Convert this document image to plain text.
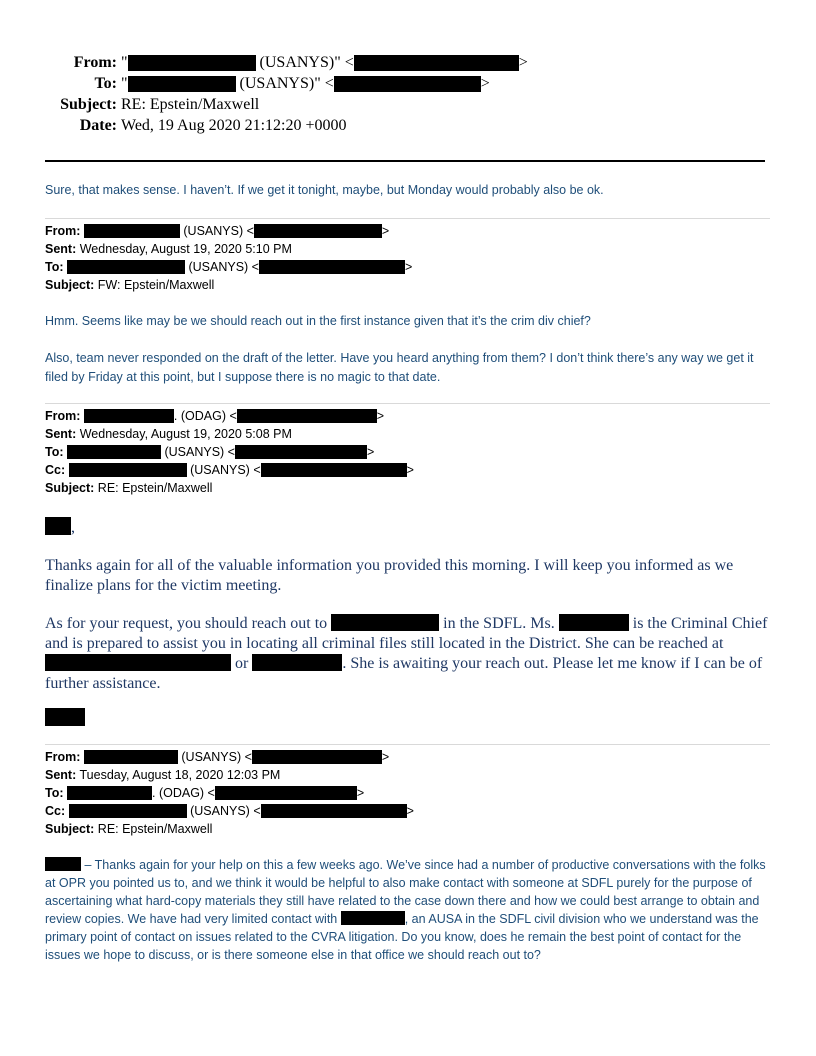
From: "	(USANYS)" <	>
To: "	(USANYS)" <	>
Subject: RE: Epstein/Maxwell
Date: Wed, 19 Aug 2020 21:12:20 +0000

Sure, that makes sense. I haven’t. If we get it tonight, maybe, but Monday would probably also be ok.

From:
	(USANYS) <	>
Sent: Wednesday, August 19, 2020 5:10 PM
To:
	(USANYS) <	>
Subject: FW: Epstein/Maxwell

Hmm. Seems like may be we should reach out in the first instance given that it’s the crim div chief?

Also, team never responded on the draft of the letter. Have you heard anything from them? I don’t think there’s any way we get it filed by Friday at this point, but I suppose there is no magic to that date.

From:
	. (ODAG) <	>
Sent: Wednesday, August 19, 2020 5:08 PM
To:
	(USANYS) <	>
Cc:
	(USANYS) <	>
Subject: RE: Epstein/Maxwell

,

Thanks again for all of the valuable information you provided this morning. I will keep you informed as we finalize plans for the victim meeting.

As for your request, you should reach out to	in the SDFL. Ms.	is the Criminal Chief and is prepared to assist you in locating all criminal files still located in the District. She can be reached at  or	. She is awaiting your reach out. Please let me know if I can be of further assistance.

From:
	(USANYS) <	>
Sent: Tuesday, August 18, 2020 12:03 PM
To:
	. (ODAG) <	>
Cc:
	(USANYS) <	>
Subject: RE: Epstein/Maxwell

– Thanks again for your help on this a few weeks ago. We’ve since had a number of productive conversations with the folks at OPR you pointed us to, and we think it would be helpful to also make contact with someone at SDFL purely for the purpose of ascertaining what hard-copy materials they still have related to the case down there and how we could best arrange to obtain and review copies. We have had very limited contact with	, an AUSA in the SDFL civil division who we understand was the primary point of contact on issues related to the CVRA litigation. Do you know, does he remain the best point of contact for the issues we hope to discuss, or is there someone else in that office we should reach out to?
